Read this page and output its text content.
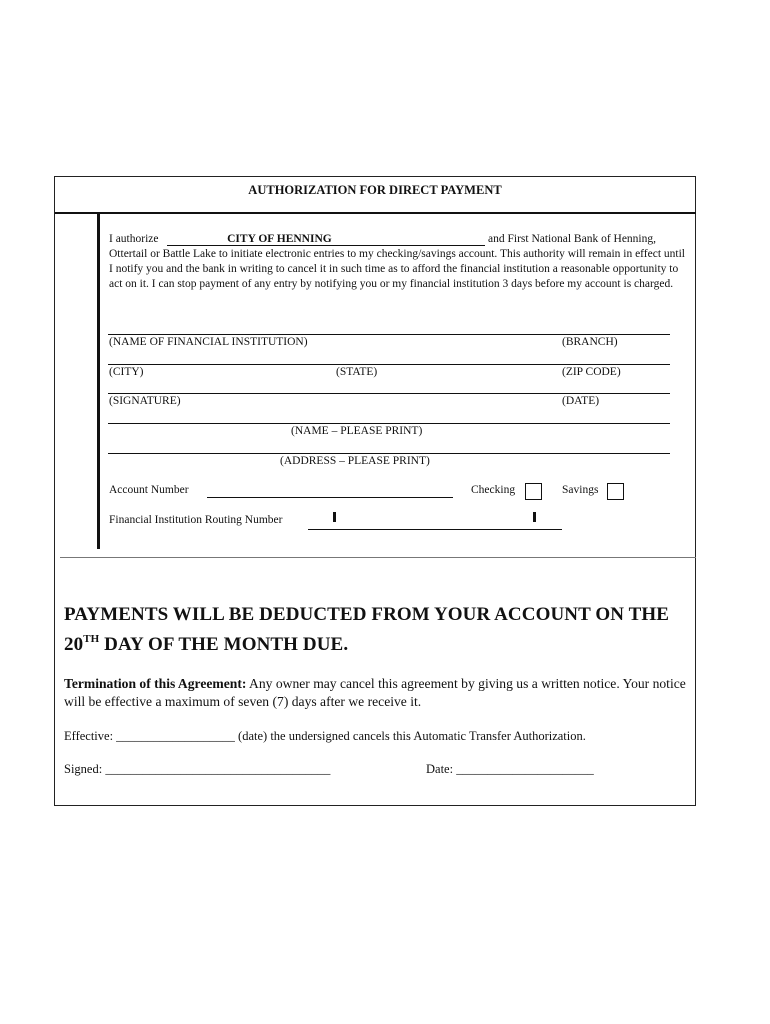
AUTHORIZATION FOR DIRECT PAYMENT
I authorize	CITY OF HENNING	and First National Bank of Henning, Ottertail or Battle Lake to initiate electronic entries to my checking/savings account. This authority will remain in effect until I notify you and the bank in writing to cancel it in such time as to afford the financial institution a reasonable opportunity to act on it. I can stop payment of any entry by notifying you or my financial institution 3 days before my account is charged.
(NAME OF FINANCIAL INSTITUTION)	(BRANCH)
(CITY)	(STATE)	(ZIP CODE)
(SIGNATURE)	(DATE)
(NAME – PLEASE PRINT)
(ADDRESS – PLEASE PRINT)
Account Number	Checking	Savings
Financial Institution Routing Number
PAYMENTS WILL BE DEDUCTED FROM YOUR ACCOUNT ON THE 20TH DAY OF THE MONTH DUE.
Termination of this Agreement: Any owner may cancel this agreement by giving us a written notice. Your notice will be effective a maximum of seven (7) days after we receive it.
Effective: ___________________ (date) the undersigned cancels this Automatic Transfer Authorization.
Signed: ____________________________________	Date: ______________________
